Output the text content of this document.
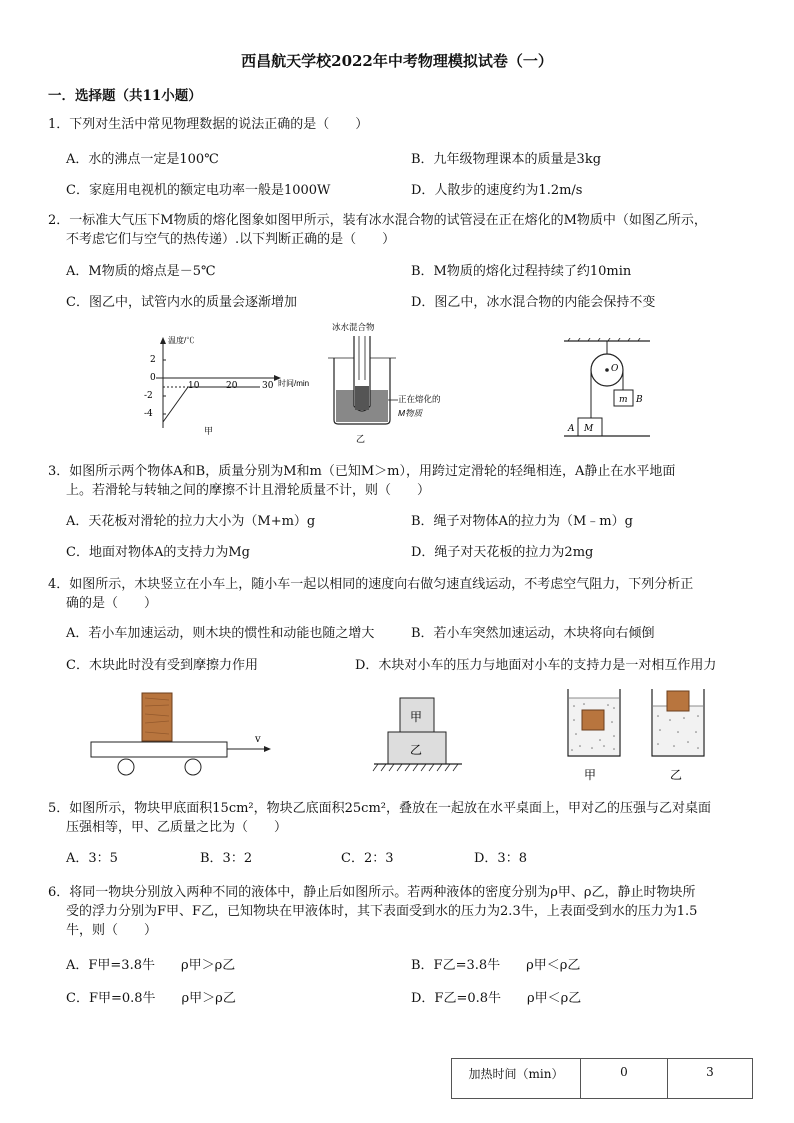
西昌航天学校2022年中考物理模拟试卷（一）
一．选择题（共11小题）
1．下列对生活中常见物理数据的说法正确的是（　　）
A．水的沸点一定是100℃	B．九年级物理课本的质量是3kg
C．家庭用电视机的额定电功率一般是1000W	D．人散步的速度约为1.2m/s
2．一标准大气压下M物质的熔化图象如图甲所示，装有冰水混合物的试管浸在正在熔化的M物质中（如图乙所示，
不考虑它们与空气的热传递）.以下判断正确的是（　　）
A．M物质的熔点是－5℃	B．M物质的熔化过程持续了约10min
C．图乙中，试管内水的质量会逐渐增加	D．图乙中，冰水混合物的内能会保持不变
温度/℃
时间/min
2
0
-2
-4
10	20	30
甲
冰水混合物
正在熔化的
M物质
乙
O
m B
M
A
3．如图所示两个物体A和B，质量分别为M和m（已知M＞m），用跨过定滑轮的轻绳相连，A静止在水平地面
上。若滑轮与转轴之间的摩擦不计且滑轮质量不计，则（　　）
A．天花板对滑轮的拉力大小为（M+m）g	B．绳子对物体A的拉力为（M﹣m）g
C．地面对物体A的支持力为Mg	D．绳子对天花板的拉力为2mg
4．如图所示，木块竖立在小车上，随小车一起以相同的速度向右做匀速直线运动，不考虑空气阻力，下列分析正
确的是（　　）
A．若小车加速运动，则木块的惯性和动能也随之增大	B．若小车突然加速运动，木块将向右倾倒
C．木块此时没有受到摩擦力作用	D．木块对小车的压力与地面对小车的支持力是一对相互作用力
v
甲
乙
甲	乙
5．如图所示，物块甲底面积15cm²，物块乙底面积25cm²，叠放在一起放在水平桌面上，甲对乙的压强与乙对桌面
压强相等，甲、乙质量之比为（　　）
A．3：5	B．3：2	C．2：3	D．3：8
6．将同一物块分别放入两种不同的液体中，静止后如图所示。若两种液体的密度分别为ρ甲、ρ乙，静止时物块所
受的浮力分别为F甲、F乙，已知物块在甲液体时，其下表面受到水的压力为2.3牛，上表面受到水的压力为1.5
牛，则（　　）
A．F甲=3.8牛　　ρ甲＞ρ乙	B．F乙=3.8牛　　ρ甲＜ρ乙
C．F甲=0.8牛　　ρ甲＞ρ乙	D．F乙=0.8牛　　ρ甲＜ρ乙
加热时间（min）	0	3
